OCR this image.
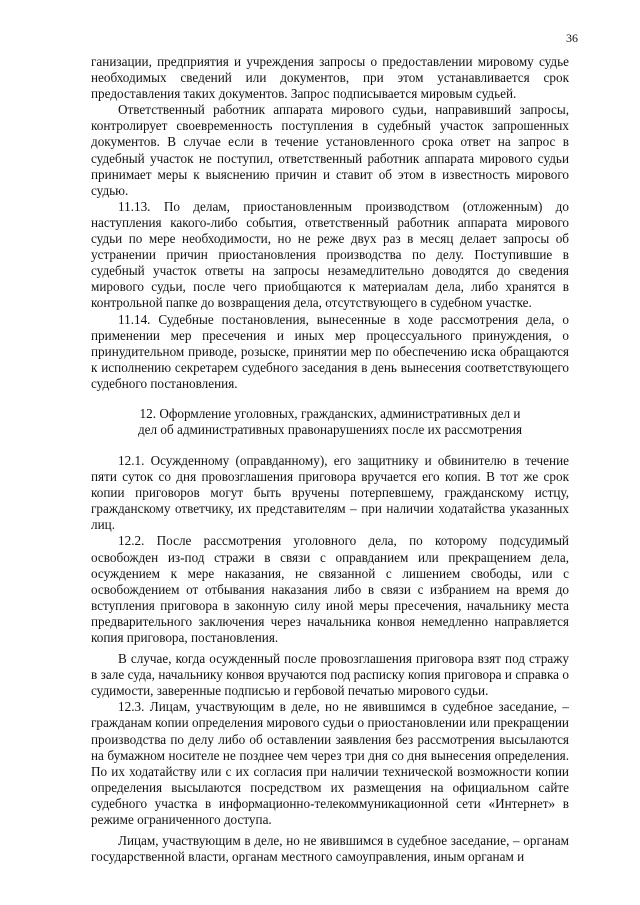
36

ганизации, предприятия и учреждения запросы о предоставлении мировому судье необходимых сведений или документов, при этом устанавливается срок предоставления таких документов. Запрос подписывается мировым судьей.

Ответственный работник аппарата мирового судьи, направивший запросы, контролирует своевременность поступления в судебный участок запрошенных документов. В случае если в течение установленного срока ответ на запрос в судебный участок не поступил, ответственный работник аппарата мирового судьи принимает меры к выяснению причин и ставит об этом в известность мирового судью.

11.13. По делам, приостановленным производством (отложенным) до наступления какого-либо события, ответственный работник аппарата мирового судьи по мере необходимости, но не реже двух раз в месяц делает запросы об устранении причин приостановления производства по делу. Поступившие в судебный участок ответы на запросы незамедлительно доводятся до сведения мирового судьи, после чего приобщаются к материалам дела, либо хранятся в контрольной папке до возвращения дела, отсутствующего в судебном участке.

11.14. Судебные постановления, вынесенные в ходе рассмотрения дела, о применении мер пресечения и иных мер процессуального принуждения, о принудительном приводе, розыске, принятии мер по обеспечению иска обращаются к исполнению секретарем судебного заседания в день вынесения соответствующего судебного постановления.

12. Оформление уголовных, гражданских, административных дел и
дел об административных правонарушениях после их рассмотрения

12.1. Осужденному (оправданному), его защитнику и обвинителю в течение пяти суток со дня провозглашения приговора вручается его копия. В тот же срок копии приговоров могут быть вручены потерпевшему, гражданскому истцу, гражданскому ответчику, их представителям – при наличии ходатайства указанных лиц.

12.2. После рассмотрения уголовного дела, по которому подсудимый освобожден из-под стражи в связи с оправданием или прекращением дела, осуждением к мере наказания, не связанной с лишением свободы, или с освобождением от отбывания наказания либо в связи с избранием на время до вступления приговора в законную силу иной меры пресечения, начальнику места предварительного заключения через начальника конвоя немедленно направляется копия приговора, постановления.

В случае, когда осужденный после провозглашения приговора взят под стражу в зале суда, начальнику конвоя вручаются под расписку копия приговора и справка о судимости, заверенные подписью и гербовой печатью мирового судьи.

12.3. Лицам, участвующим в деле, но не явившимся в судебное заседание, – гражданам копии определения мирового судьи о приостановлении или прекращении производства по делу либо об оставлении заявления без рассмотрения высылаются на бумажном носителе не позднее чем через три дня со дня вынесения определения. По их ходатайству или с их согласия при наличии технической возможности копии определения высылаются посредством их размещения на официальном сайте судебного участка в информационно-телекоммуникационной сети «Интернет» в режиме ограниченного доступа.

Лицам, участвующим в деле, но не явившимся в судебное заседание, – органам государственной власти, органам местного самоуправления, иным органам и
